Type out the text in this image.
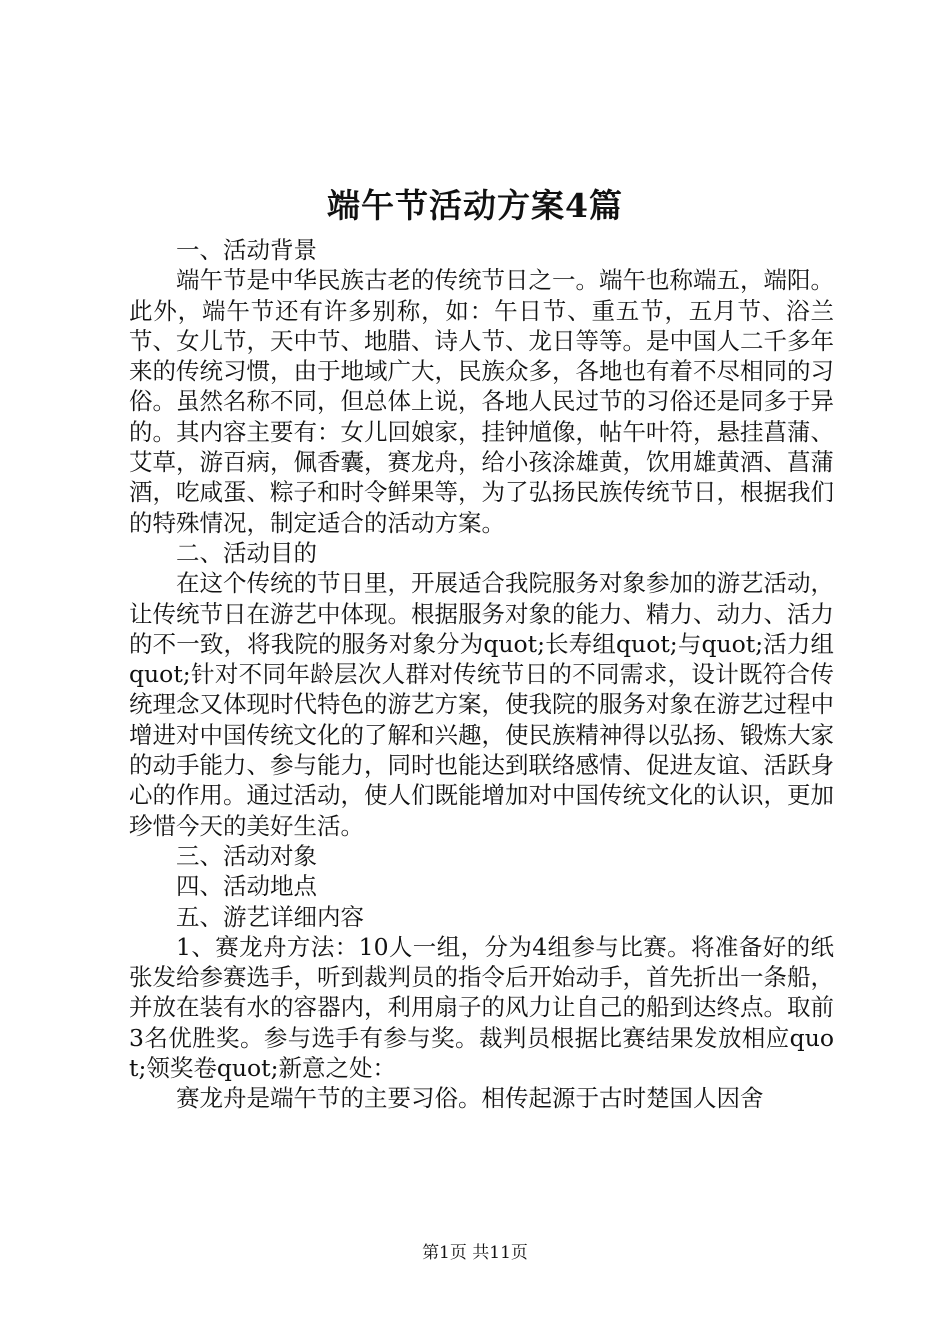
端午节活动方案4篇

一、活动背景

端午节是中华民族古老的传统节日之一。端午也称端五，端阳。此外，端午节还有许多别称，如：午日节、重五节，五月节、浴兰节、女儿节，天中节、地腊、诗人节、龙日等等。是中国人二千多年来的传统习惯，由于地域广大，民族众多，各地也有着不尽相同的习俗。虽然名称不同，但总体上说，各地人民过节的习俗还是同多于异的。其内容主要有：女儿回娘家，挂钟馗像，帖午叶符，悬挂菖蒲、艾草，游百病，佩香囊，赛龙舟，给小孩涂雄黄，饮用雄黄酒、菖蒲酒，吃咸蛋、粽子和时令鲜果等，为了弘扬民族传统节日，根据我们的特殊情况，制定适合的活动方案。

二、活动目的

在这个传统的节日里，开展适合我院服务对象参加的游艺活动，让传统节日在游艺中体现。根据服务对象的能力、精力、动力、活力的不一致，将我院的服务对象分为quot;长寿组quot;与quot;活力组quot;针对不同年龄层次人群对传统节日的不同需求，设计既符合传统理念又体现时代特色的游艺方案，使我院的服务对象在游艺过程中增进对中国传统文化的了解和兴趣，使民族精神得以弘扬、锻炼大家的动手能力、参与能力，同时也能达到联络感情、促进友谊、活跃身心的作用。通过活动，使人们既能增加对中国传统文化的认识，更加珍惜今天的美好生活。

三、活动对象

四、活动地点

五、游艺详细内容

1、赛龙舟方法：10人一组，分为4组参与比赛。将准备好的纸张发给参赛选手，听到裁判员的指令后开始动手，首先折出一条船，并放在装有水的容器内，利用扇子的风力让自己的船到达终点。取前3名优胜奖。参与选手有参与奖。裁判员根据比赛结果发放相应quot;领奖卷quot;新意之处：

赛龙舟是端午节的主要习俗。相传起源于古时楚国人因舍

第1页 共11页
